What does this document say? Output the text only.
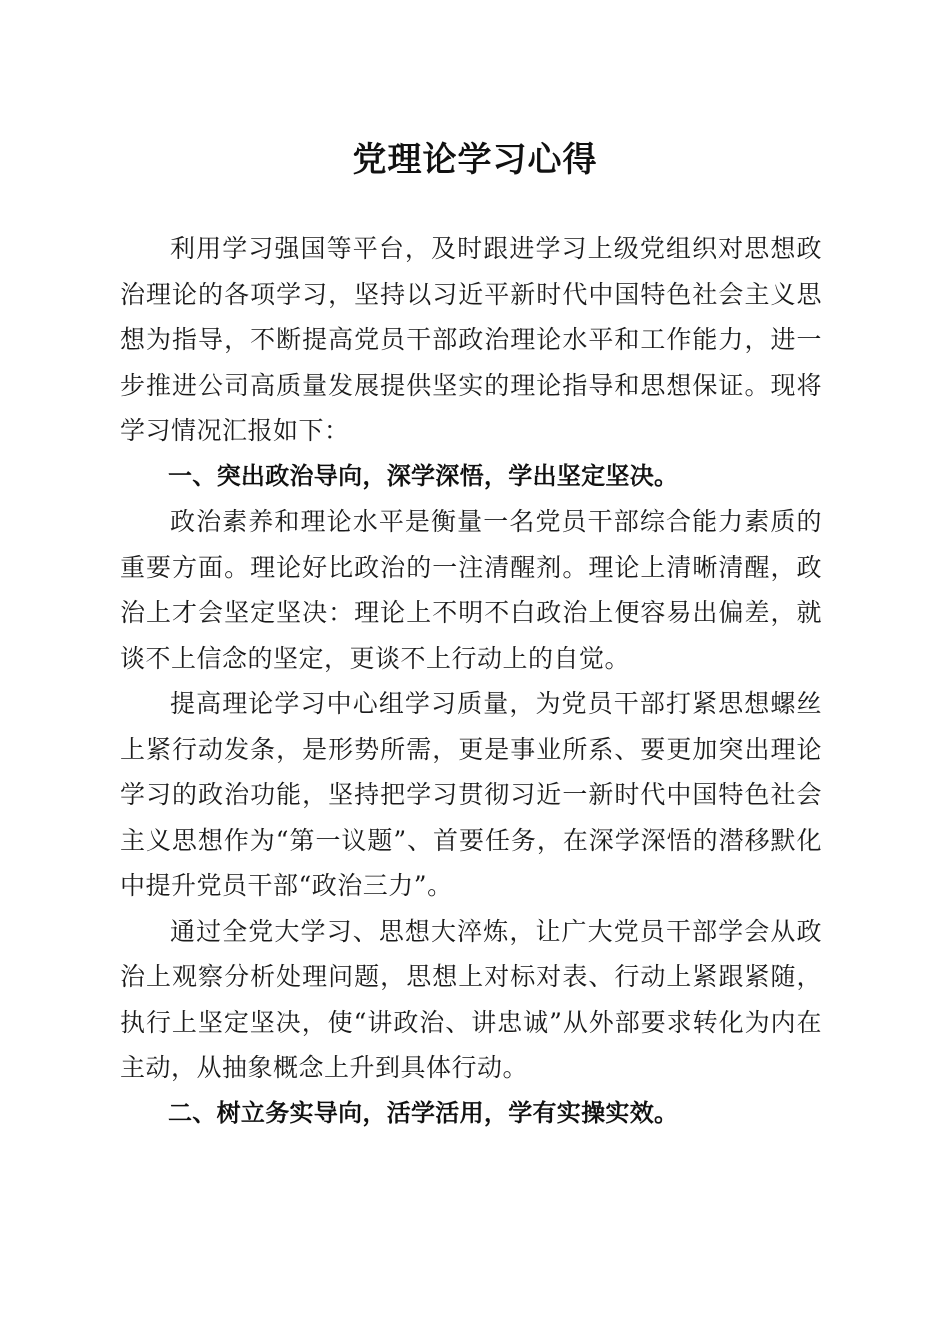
党理论学习心得

利用学习强国等平台，及时跟进学习上级党组织对思想政治理论的各项学习，坚持以习近平新时代中国特色社会主义思想为指导，不断提高党员干部政治理论水平和工作能力，进一步推进公司高质量发展提供坚实的理论指导和思想保证。现将学习情况汇报如下：

一、突出政治导向，深学深悟，学出坚定坚决。

政治素养和理论水平是衡量一名党员干部综合能力素质的重要方面。理论好比政治的一注清醒剂。理论上清晰清醒，政治上才会坚定坚决：理论上不明不白政治上便容易出偏差，就谈不上信念的坚定，更谈不上行动上的自觉。

提高理论学习中心组学习质量，为党员干部打紧思想螺丝上紧行动发条，是形势所需，更是事业所系、要更加突出理论学习的政治功能，坚持把学习贯彻习近一新时代中国特色社会主义思想作为“第一议题”、首要任务，在深学深悟的潜移默化中提升党员干部“政治三力”。

通过全党大学习、思想大淬炼，让广大党员干部学会从政治上观察分析处理问题，思想上对标对表、行动上紧跟紧随，执行上坚定坚决，使“讲政治、讲忠诚”从外部要求转化为内在主动，从抽象概念上升到具体行动。

二、树立务实导向，活学活用，学有实操实效。
